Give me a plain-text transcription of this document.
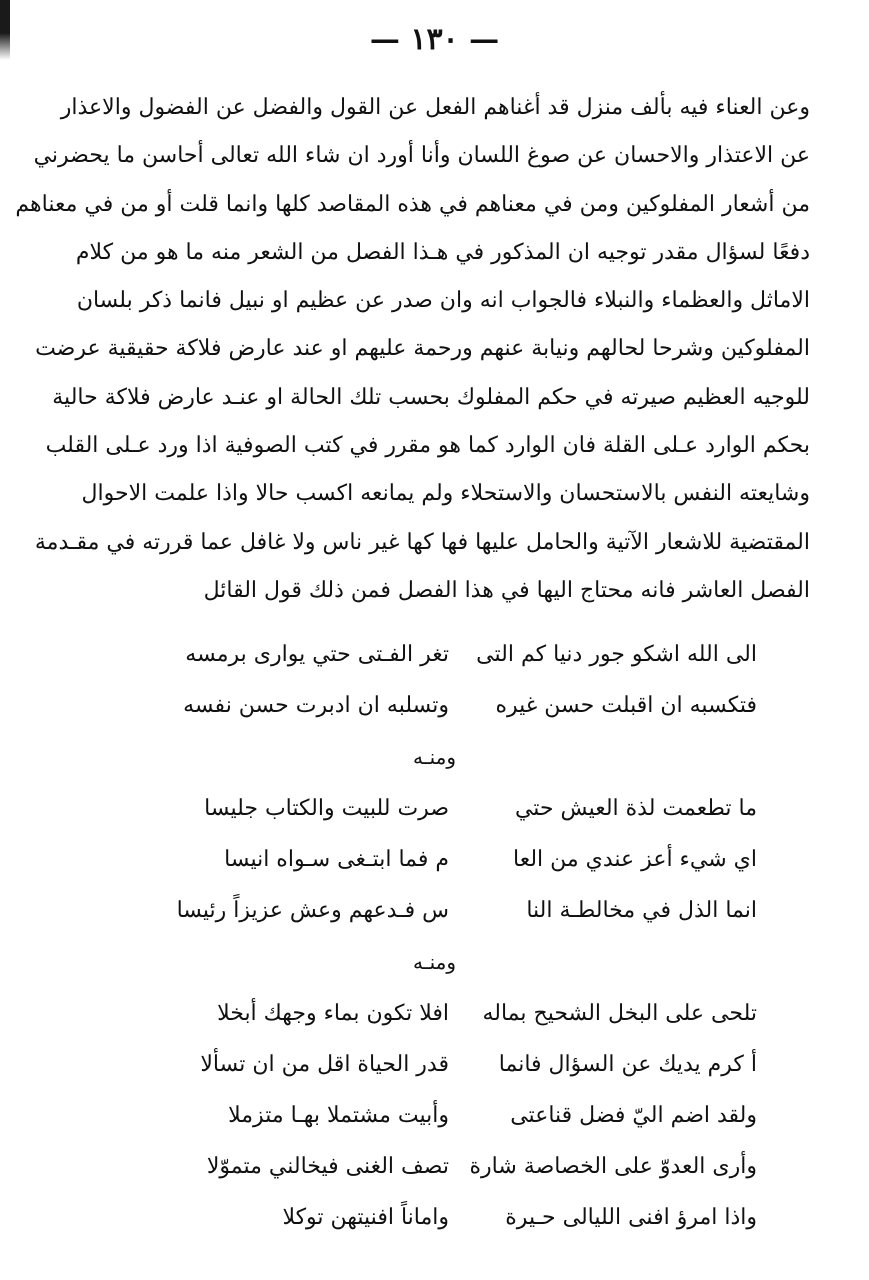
— ١٣٠ —
وعن العناء فيه بألف منزل قد أغناهم الفعل عن القول والفضل عن الفضول والاعذار
عن الاعتذار والاحسان عن صوغ اللسان وأنا أورد ان شاء الله تعالى أحاسن ما يحضرني
من أشعار المفلوكين ومن في معناهم في هذه المقاصد كلها وانما قلت أو من في معناهم
دفعًا لسؤال مقدر توجيه ان المذكور في هـذا الفصل من الشعر منه ما هو من كلام
الاماثل والعظماء والنبلاء فالجواب انه وان صدر عن عظيم او نبيل فانما ذكر بلسان
المفلوكين وشرحا لحالهم ونيابة عنهم ورحمة عليهم او عند عارض فلاكة حقيقية عرضت
للوجيه العظيم صيرته في حكم المفلوك بحسب تلك الحالة او عنـد عارض فلاكة حالية
بحكم الوارد عـلى القلة فان الوارد كما هو مقرر في كتب الصوفية اذا ورد عـلى القلب
وشايعته النفس بالاستحسان والاستحلاء ولم يمانعه اكسب حالا واذا علمت الاحوال
المقتضية للاشعار الآتية والحامل عليها فها كها غير ناس ولا غافل عما قررته في مقـدمة
الفصل العاشر فانه محتاج اليها في هذا الفصل فمن ذلك قول القائل
الى الله اشكو جور دنيا كم التى
تغر الفـتى حتي يوارى برمسه
فتكسبه ان اقبلت حسن غيره
وتسلبه ان ادبرت حسن نفسه
ومنـه
ما تطعمت لذة العيش حتي
صرت للبيت والكتاب جليسا
اي شيء أعز عندي من العا
م فما ابتـغى سـواه انيسا
انما الذل في مخالطـة النا
س فـدعهم وعش عزيزاً رئيسا
ومنـه
تلحى على البخل الشحيح بماله
افلا تكون بماء وجهك أبخلا
أ كرم يديك عن السؤال فانما
قدر الحياة اقل من ان تسألا
ولقد اضم اليّ فضل قناعتى
وأبيت مشتملا بهـا متزملا
وأرى العدوّ على الخصاصة شارة
تصف الغنى فيخالني متموّلا
واذا امرؤ افنى الليالى حـيرة
واماناً افنيتهن توكلا
